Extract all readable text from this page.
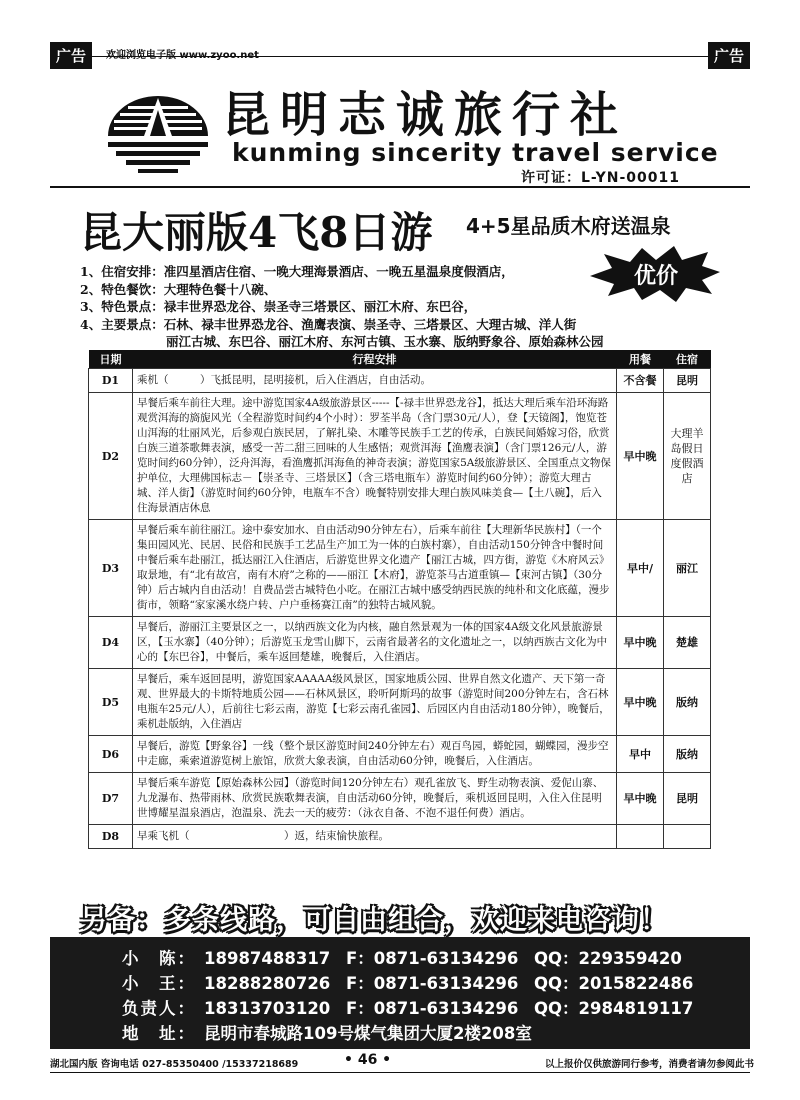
广告	欢迎浏览电子版 www.zyoo.net	广告
昆明志诚旅行社
kunming sincerity travel service
许可证：L-YN-00011
昆大丽版4飞8日游 4+5星品质木府送温泉
1、住宿安排：准四星酒店住宿、一晚大理海景酒店、一晚五星温泉度假酒店，
2、特色餐饮：大理特色餐十八碗、
3、特色景点：禄丰世界恐龙谷、崇圣寺三塔景区、丽江木府、东巴谷，
4、主要景点：石林、禄丰世界恐龙谷、渔鹰表演、崇圣寺、三塔景区、大理古城、洋人街
丽江古城、东巴谷、丽江木府、东河古镇、玉水寨、版纳野象谷、原始森林公园
优价
日期	行程安排	用餐	住宿
D1	乘机（　　　）飞抵昆明，昆明接机，后入住酒店，自由活动。	不含餐	昆明
D2	早餐后乘车前往大理。途中游览国家4A级旅游景区-----【-禄丰世界恐龙谷】，抵达大理后乘车沿环海路观赏洱海的旖旎风光（全程游览时间约4个小时）：罗荃半岛（含门票30元/人），登【天镜阁】，饱览苍山洱海的壮丽风光，后参观白族民居，了解扎染、木雕等民族手工艺的传承，白族民间婚嫁习俗，欣赏白族三道茶歌舞表演，感受一苦二甜三回味的人生感悟；观赏洱海【渔鹰表演】（含门票126元/人，游览时间约60分钟），泛舟洱海，看渔鹰抓洱海鱼的神奇表演；游览国家5A级旅游景区、全国重点文物保护单位，大理佛国标志－【崇圣寺、三塔景区】（含三塔电瓶车）游览时间约60分钟）；游览大理古城、洋人街】（游览时间约60分钟，电瓶车不含）晚餐特别安排大理白族风味美食—【土八碗】，后入住海景酒店休息	早中晚	大理羊岛假日度假酒店
D3	早餐后乘车前往丽江。途中泰安加水、自由活动90分钟左右），后乘车前往【大理新华民族村】（一个集田园风光、民居、民俗和民族手工艺品生产加工为一体的白族村寨），自由活动150分钟含中餐时间中餐后乘车赴丽江，抵达丽江入住酒店，后游览世界文化遗产【丽江古城，四方街，游览《木府风云》取景地，有“北有故宫，南有木府”之称的——丽江【木府】，游览茶马古道重镇—【束河古镇】（30分钟）后古城内自由活动！自费品尝古城特色小吃。在丽江古城中感受纳西民族的纯朴和文化底蕴，漫步街市，领略“家家溪水绕户转、户户垂杨赛江南”的独特古城风貌。	早中/	丽江
D4	早餐后，游丽江主要景区之一，以纳西族文化为内核，融自然景观为一体的国家4A级文化风景旅游景区，【玉水寨】（40分钟）；后游览玉龙雪山脚下，云南省最著名的文化遗址之一，以纳西族古文化为中心的【东巴谷】，中餐后，乘车返回楚雄，晚餐后，入住酒店。	早中晚	楚雄
D5	早餐后，乘车返回昆明，游览国家AAAAA级风景区，国家地质公园、世界自然文化遗产、天下第一奇观、世界最大的卡斯特地质公园——石林风景区，聆听阿斯玛的故事（游览时间200分钟左右，含石林电瓶车25元/人），后前往七彩云南，游览【七彩云南孔雀园】、后园区内自由活动180分钟），晚餐后，乘机赴版纳，入住酒店	早中晚	版纳
D6	早餐后，游览【野象谷】一线（整个景区游览时间240分钟左右）观百鸟园，蟒蛇园，蝴蝶园，漫步空中走廊，乘索道游览树上旅馆，欣赏大象表演，自由活动60分钟，晚餐后，入住酒店。	早中	版纳
D7	早餐后乘车游览【原始森林公园】（游览时间120分钟左右）观孔雀放飞、野生动物表演、爱伲山寨、九龙瀑布、热带雨林、欣赏民族歌舞表演，自由活动60分钟，晚餐后，乘机返回昆明，入住入住昆明世博耀星温泉酒店，泡温泉、洗去一天的疲劳：（泳衣自备、不泡不退任何费）酒店。	早中晚	昆明
D8	早乘飞机（　　　　　　　　　）返，结束愉快旅程。		
另备：多条线路，可自由组合，欢迎来电咨询！
小　陈： 18987488317 F：0871-63134296 QQ：229359420
小　王： 18288280726 F：0871-63134296 QQ：2015822486
负责人： 18313703120 F：0871-63134296 QQ：2984819117
地　址： 昆明市春城路109号煤气集团大厦2楼208室
湖北国内版 咨询电话 027-85350400 /15337218689	• 46 •	以上报价仅供旅游同行参考，消费者请勿参阅此书
